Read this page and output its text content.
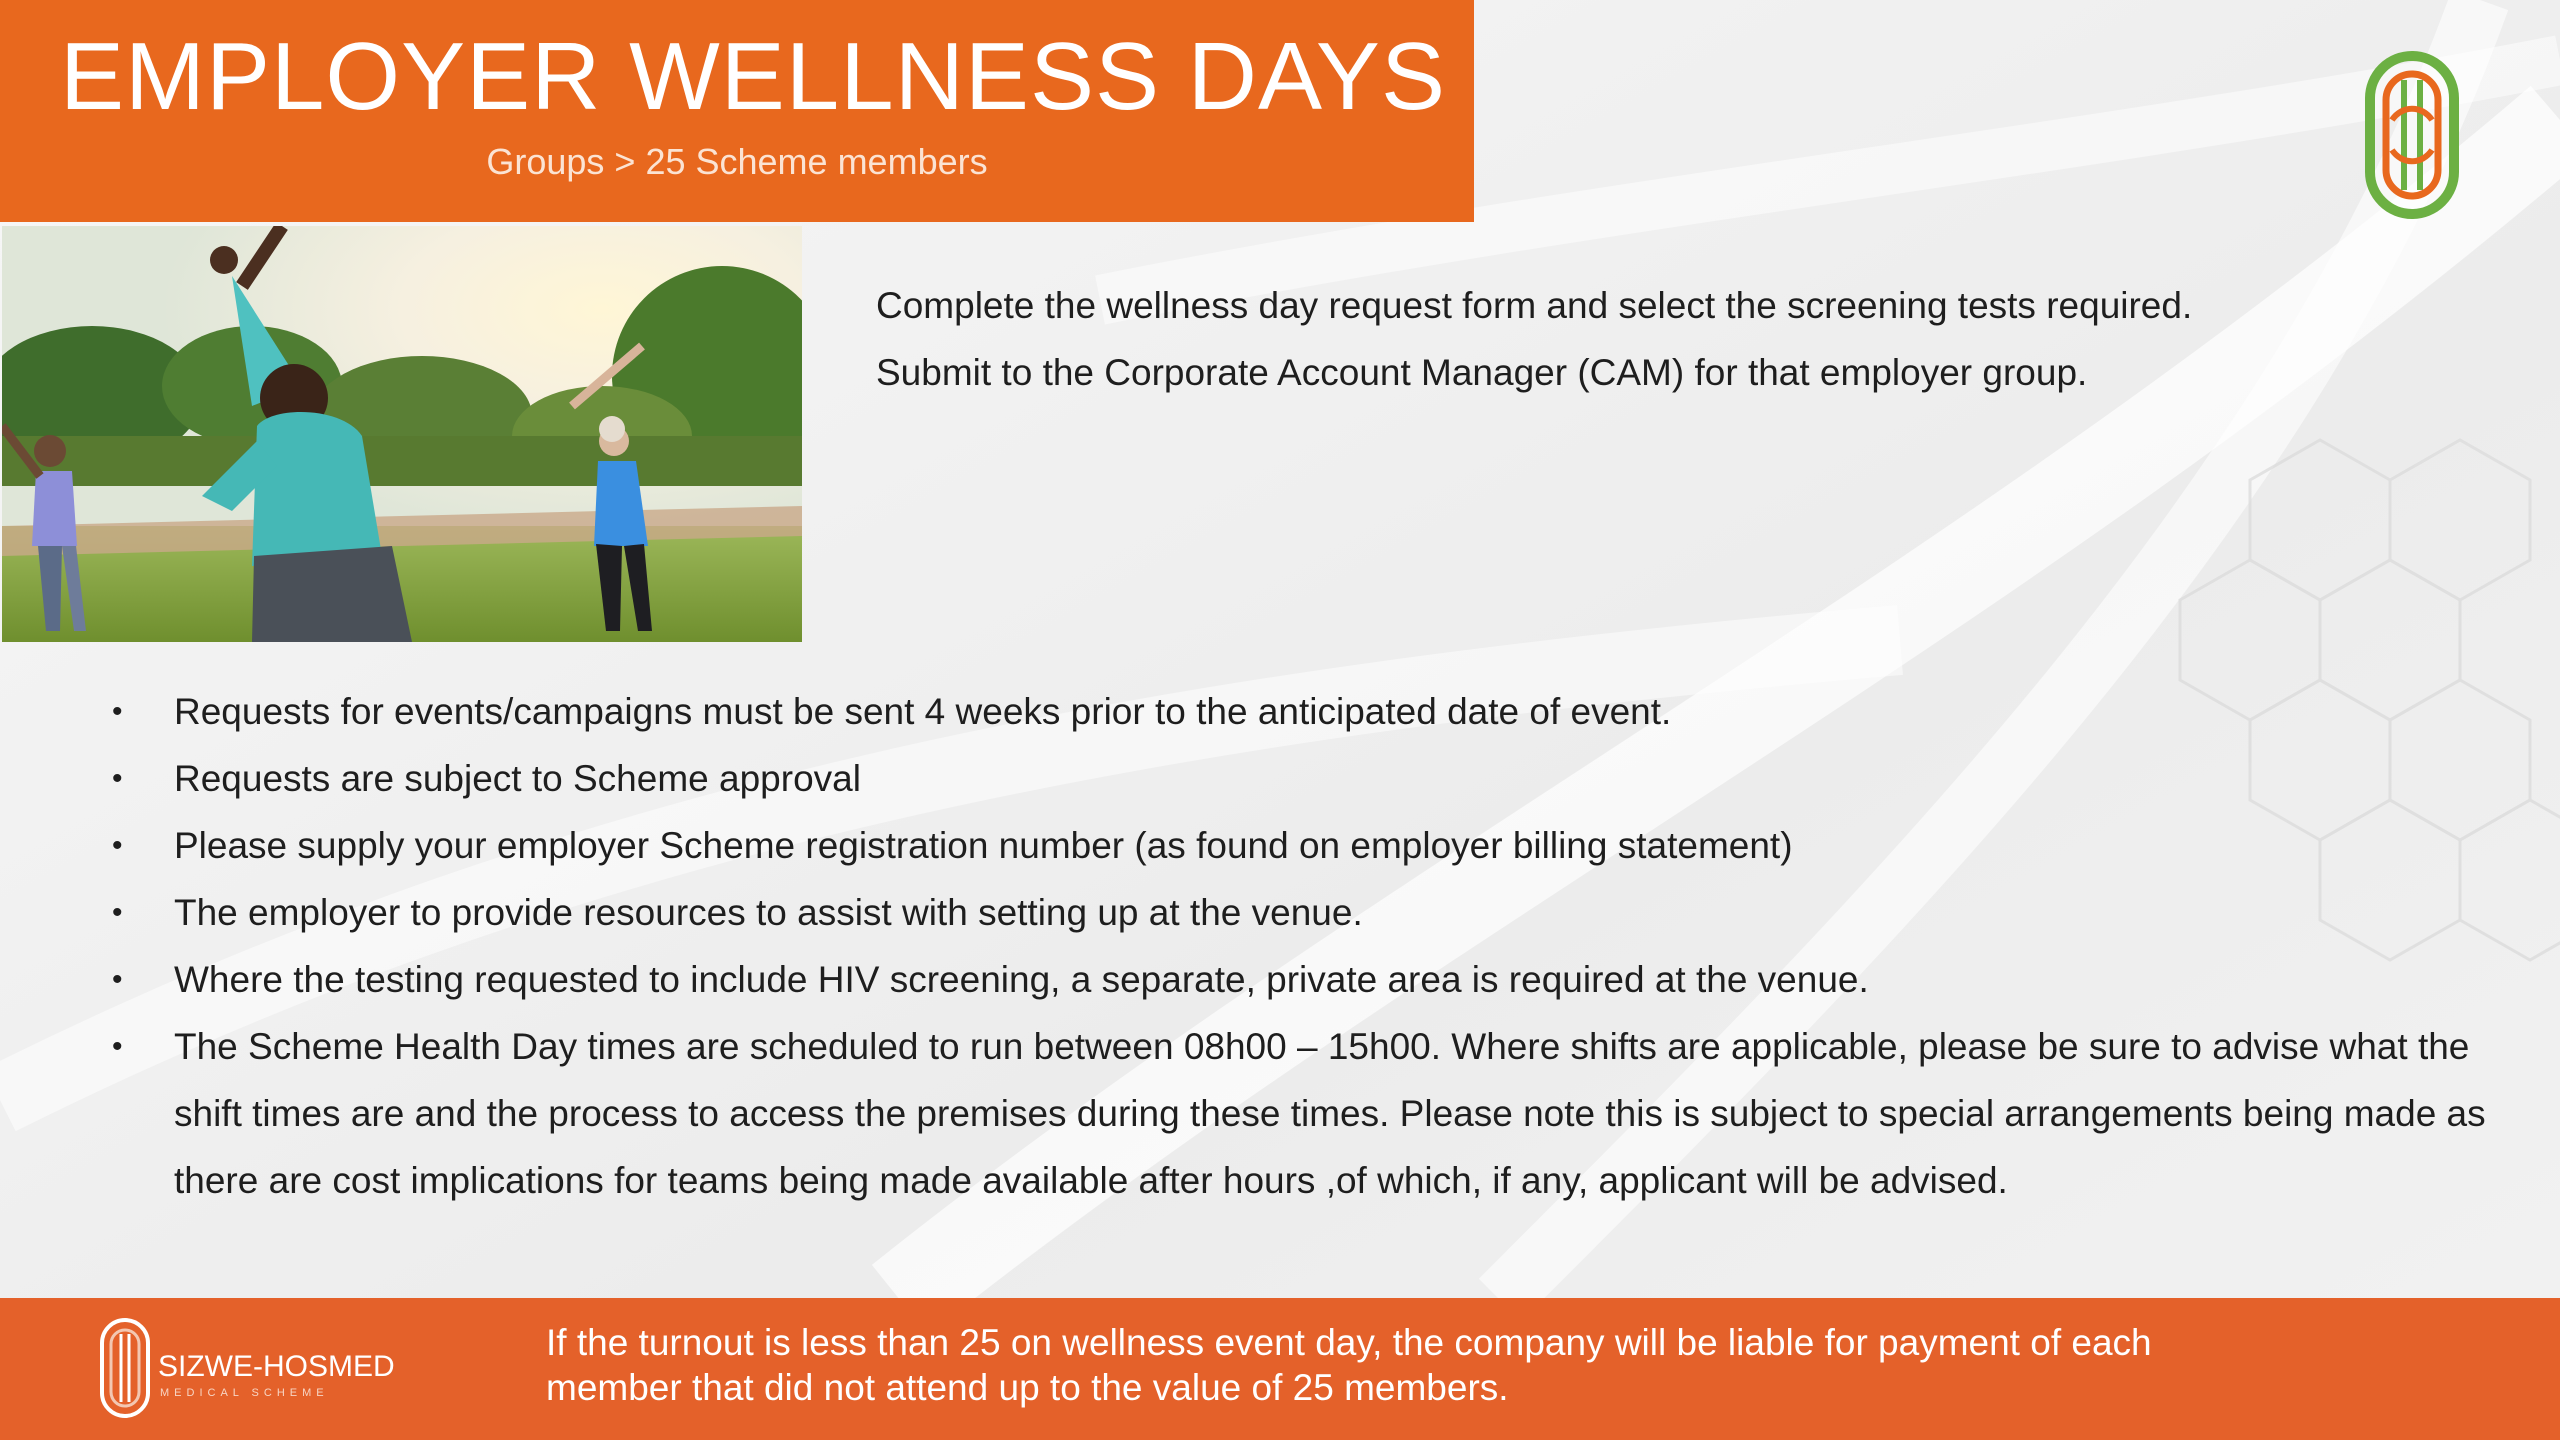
EMPLOYER WELLNESS DAYS
Groups > 25 Scheme members

Complete the wellness day request form and select the screening tests required.

Submit to the Corporate Account Manager (CAM) for that employer group.

• Requests for events/campaigns must be sent 4 weeks prior to the anticipated date of event.
• Requests are subject to Scheme approval
• Please supply your employer Scheme registration number (as found on employer billing statement)
• The employer to provide resources to assist with setting up at the venue.
• Where the testing requested to include HIV screening, a separate, private area is required at the venue.
• The Scheme Health Day times are scheduled to run between 08h00 – 15h00. Where shifts are applicable, please be sure to advise what the shift times are and the process to access the premises during these times. Please note this is subject to special arrangements being made as there are cost implications for teams being made available after hours ,of which, if any, applicant will be advised.
SIZWE-HOSMED
MEDICAL SCHEME

If the turnout is less than 25 on wellness event day, the company will be liable for payment of each

member that did not attend up to the value of 25 members.
